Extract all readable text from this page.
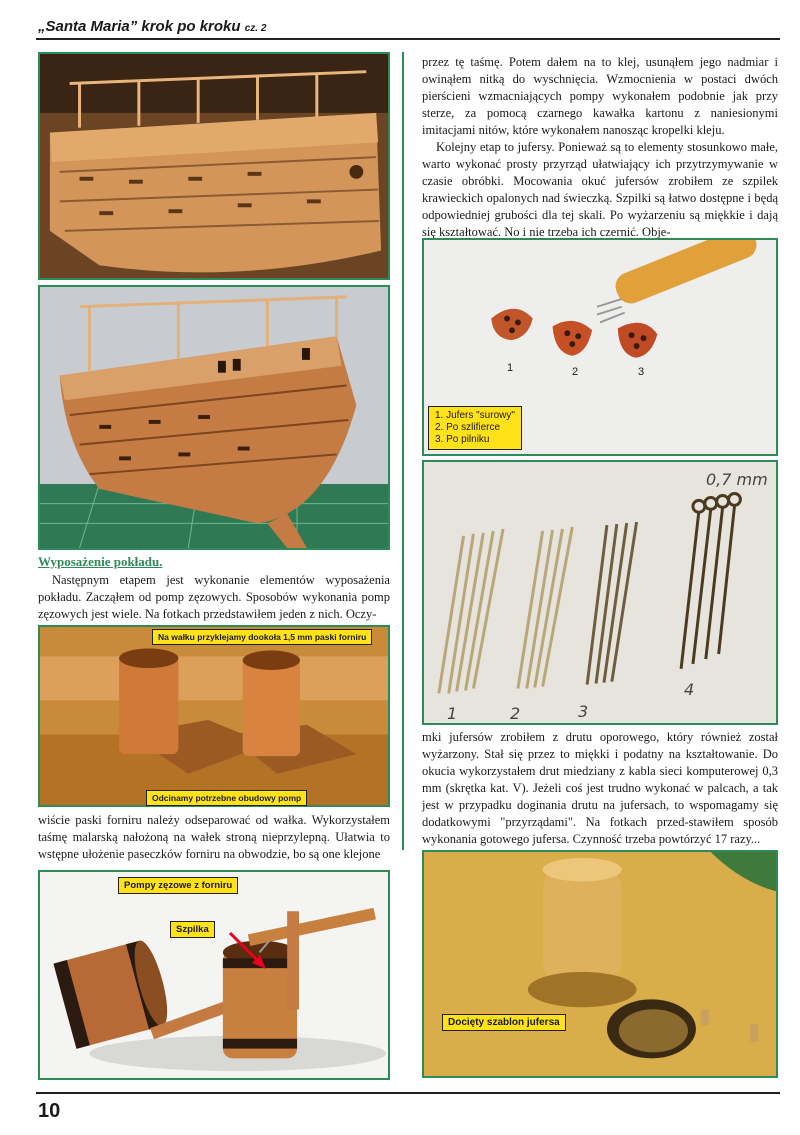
„Santa Maria” krok po kroku cz. 2
Wyposażenie pokładu.

Następnym etapem jest wykonanie elementów wyposażenia pokładu. Zacząłem od pomp zęzowych. Sposobów wykonania pomp zęzowych jest wiele. Na fotkach przedstawiłem jeden z nich. Oczy-

Na wałku przyklejamy dookoła 1,5 mm paski forniru
Odcinamy potrzebne obudowy pomp

wiście paski forniru należy odseparować od wałka. Wykorzystałem taśmę malarską nałożoną na wałek stroną nieprzylepną. Ułatwia to wstępne ułożenie paseczków forniru na obwodzie, bo są one klejone

Pompy zęzowe z forniru
Szpilka

przez tę taśmę. Potem dałem na to klej, usunąłem jego nadmiar i owinąłem nitką do wyschnięcia. Wzmocnienia w postaci dwóch pierścieni wzmacniających pompy wykonałem podobnie jak przy sterze, za pomocą czarnego kawałka kartonu z naniesionymi imitacjami nitów, które wykonałem nanosząc kropelki kleju.

Kolejny etap to jufersy. Ponieważ są to elementy stosunkowo małe, warto wykonać prosty przyrząd ułatwiający ich przytrzymywanie w czasie obróbki. Mocowania okuć jufersów zrobiłem ze szpilek krawieckich opalonych nad świeczką. Szpilki są łatwo dostępne i będą odpowiedniej grubości dla tej skali. Po wyżarzeniu są miękkie i dają się kształtować. No i nie trzeba ich czernić. Obje-

1	2	3
1. Jufers "surowy"
2. Po szlifierce
3. Po pilniku
0,7 mm
1	2	3
4

mki jufersów zrobiłem z drutu oporowego, który również został wyżarzony. Stał się przez to miękki i podatny na kształtowanie. Do okucia wykorzystałem drut miedziany z kabla sieci komputerowej 0,3 mm (skrętka kat. V). Jeżeli coś jest trudno wykonać w palcach, a tak jest w przypadku doginania drutu na jufersach, to wspomagamy się dodatkowymi "przyrządami". Na fotkach przed-stawiłem sposób wykonania gotowego jufersa. Czynność trzeba powtórzyć 17 razy...

Docięty szablon jufersa
10
